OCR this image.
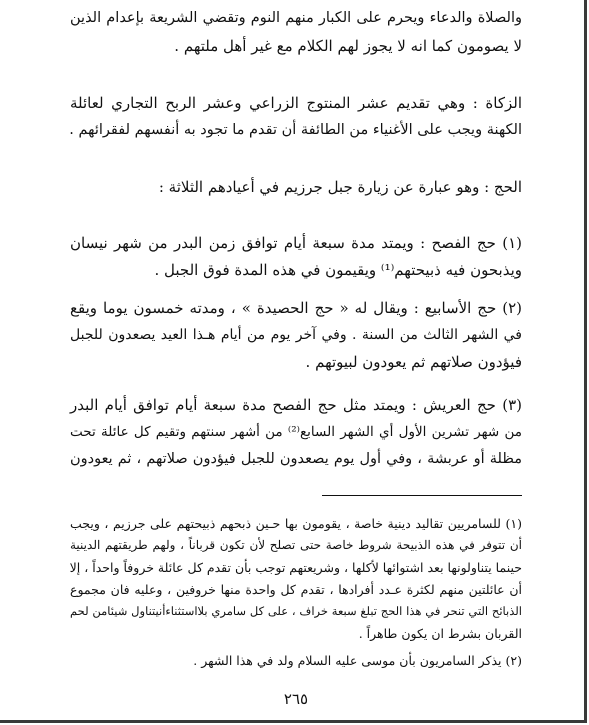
والصلاة والدعاء ويحرم على الكبار منهم النوم وتقضي الشريعة بإعدام الذين
لا يصومون كما انه لا يجوز لهم الكلام مع غير أهل ملتهم .
الزكاة : وهي تقديم عشر المنتوج الزراعي وعشر الربح التجاري لعائلة
الكهنة ويجب على الأغنياء من الطائفة أن تقدم ما تجود به أنفسهم لفقرائهم .
الحج : وهو عبارة عن زيارة جبل جرزيم في أعيادهم الثلاثة :
(١) حج الفصح : ويمتد مدة سبعة أيام توافق زمن البدر من شهر نيسان
ويذبحون فيه ذبيحتهم⁽¹⁾ ويقيمون في هذه المدة فوق الجبل .
(٢) حج الأسابيع : ويقال له « حج الحصيدة » ، ومدته خمسون يوما ويقع
في الشهر الثالث من السنة . وفي آخر يوم من أيام هـذا العيد يصعدون للجبل
فيؤدون صلاتهم ثم يعودون لبيوتهم .
(٣) حج العريش : ويمتد مثل حج الفصح مدة سبعة أيام توافق أيام البدر
من شهر تشرين الأول أي الشهر السابع⁽²⁾ من أشهر سنتهم وتقيم كل عائلة تحت
مظلة أو عربشة ، وفي أول يوم يصعدون للجبل فيؤدون صلاتهم ، ثم يعودون
(١) للسامريين تقاليد دينية خاصة ، يقومون بها حـين ذبحهم ذبيحتهم على جرزيم ، ويجب
أن تتوفر في هذه الذبيحة شروط خاصة حتى تصلح لأن تكون قرباناً ، ولهم طريقتهم الدينية
حينما يتناولونها بعد اشتوائها لأكلها ، وشريعتهم توجب بأن تقدم كل عائلة خروفاً واحداً ، إلا
أن عائلتين منهم لكثرة عـدد أفرادها ، تقدم كل واحدة منها خروفين ، وعليه فان مجموع
الذبائح التي تنحر في هذا الحج تبلغ سبعة خراف ، على كل سامري بلااستثناءأنيتناول شيئامن لحم
القربان بشرط ان يكون طاهراً .
(٢) يذكر السامريون بأن موسى عليه السلام ولد في هذا الشهر .
٢٦٥
